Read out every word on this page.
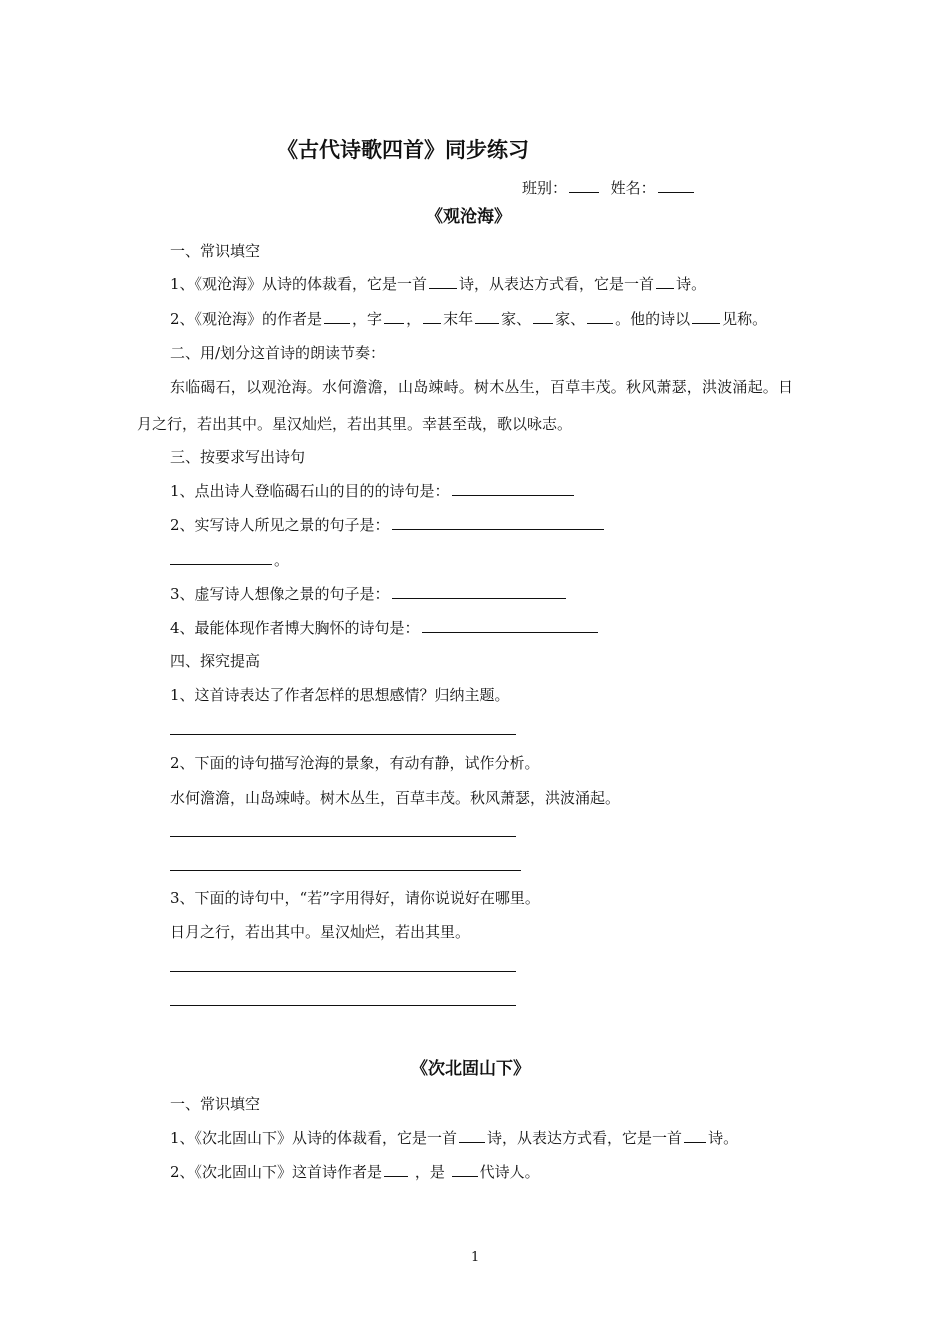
《古代诗歌四首》同步练习
班别：	姓名：
《观沧海》
一、常识填空
1、《观沧海》从诗的体裁看，它是一首 诗，从表达方式看，它是一首 诗。
2、《观沧海》的作者是 ，字 ， 末年 家、 家、 。他的诗以 见称。
二、用/划分这首诗的朗读节奏：
东临碣石，以观沧海。水何澹澹，山岛竦峙。树木丛生，百草丰茂。秋风萧瑟，洪波涌起。日
月之行，若出其中。星汉灿烂，若出其里。幸甚至哉，歌以咏志。
三、按要求写出诗句
1、点出诗人登临碣石山的目的的诗句是：
2、实写诗人所见之景的句子是：
。
3、虚写诗人想像之景的句子是：
4、最能体现作者博大胸怀的诗句是：
四、探究提高
1、这首诗表达了作者怎样的思想感情？归纳主题。
2、下面的诗句描写沧海的景象，有动有静，试作分析。
水何澹澹，山岛竦峙。树木丛生，百草丰茂。秋风萧瑟，洪波涌起。
3、下面的诗句中，“若”字用得好，请你说说好在哪里。
日月之行，若出其中。星汉灿烂，若出其里。
《次北固山下》
一、常识填空
1、《次北固山下》从诗的体裁看，它是一首 诗，从表达方式看，它是一首 诗。
2、《次北固山下》这首诗作者是 ，是 代诗人。
1
